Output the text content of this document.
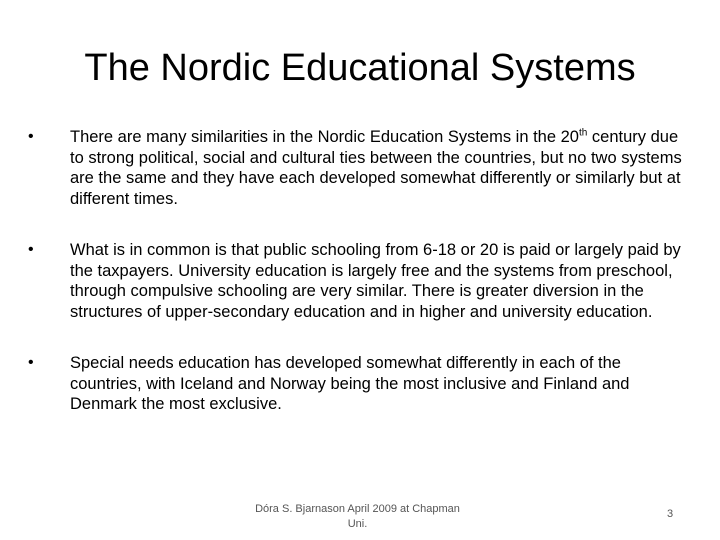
The Nordic Educational Systems
•	There are many similarities in the Nordic Education Systems in the 20th century due to strong political, social and cultural ties between the countries, but no two systems are the same and they have each developed somewhat differently or similarly but at different times.
•	What is in common is that public schooling from 6-18 or 20 is paid or largely paid by the taxpayers. University education is largely free and the systems from preschool, through compulsive schooling are very similar. There is greater diversion in the structures of upper-secondary education and in higher and university education.
•	Special needs education has developed somewhat differently in each of the countries, with Iceland and Norway being the most inclusive and Finland and Denmark the most exclusive.
Dóra S. Bjarnason April 2009 at Chapman Uni.
3
